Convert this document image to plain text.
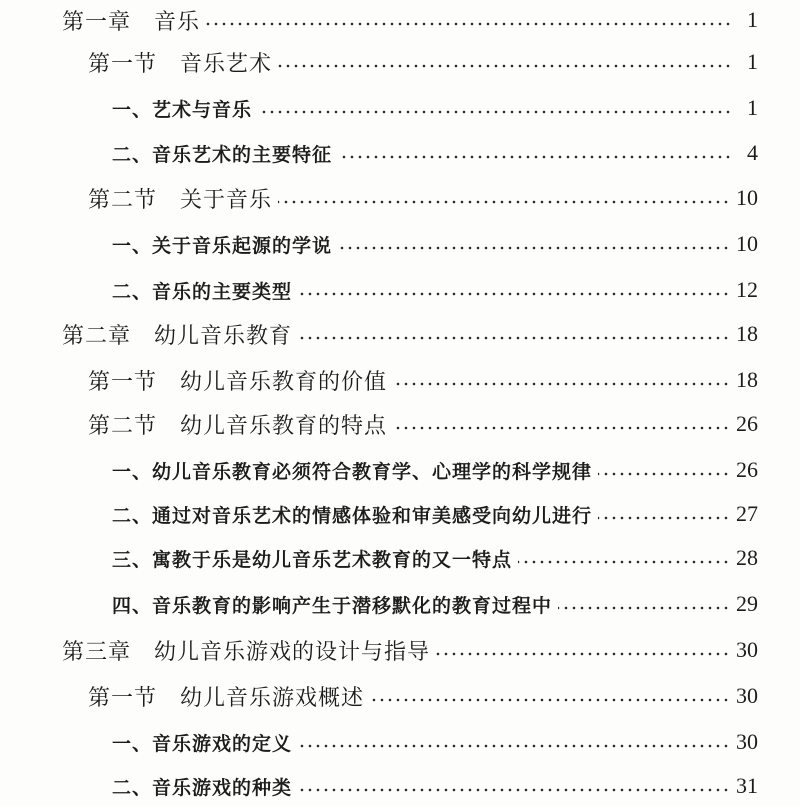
第一章　音乐	1
第一节　音乐艺术	1
一、艺术与音乐	1
二、音乐艺术的主要特征	4
第二节　关于音乐	10
一、关于音乐起源的学说	10
二、音乐的主要类型	12
第二章　幼儿音乐教育	18
第一节　幼儿音乐教育的价值	18
第二节　幼儿音乐教育的特点	26
一、幼儿音乐教育必须符合教育学、心理学的科学规律	26
二、通过对音乐艺术的情感体验和审美感受向幼儿进行	27
三、寓教于乐是幼儿音乐艺术教育的又一特点	28
四、音乐教育的影响产生于潜移默化的教育过程中	29
第三章　幼儿音乐游戏的设计与指导	30
第一节　幼儿音乐游戏概述	30
一、音乐游戏的定义	30
二、音乐游戏的种类	31
